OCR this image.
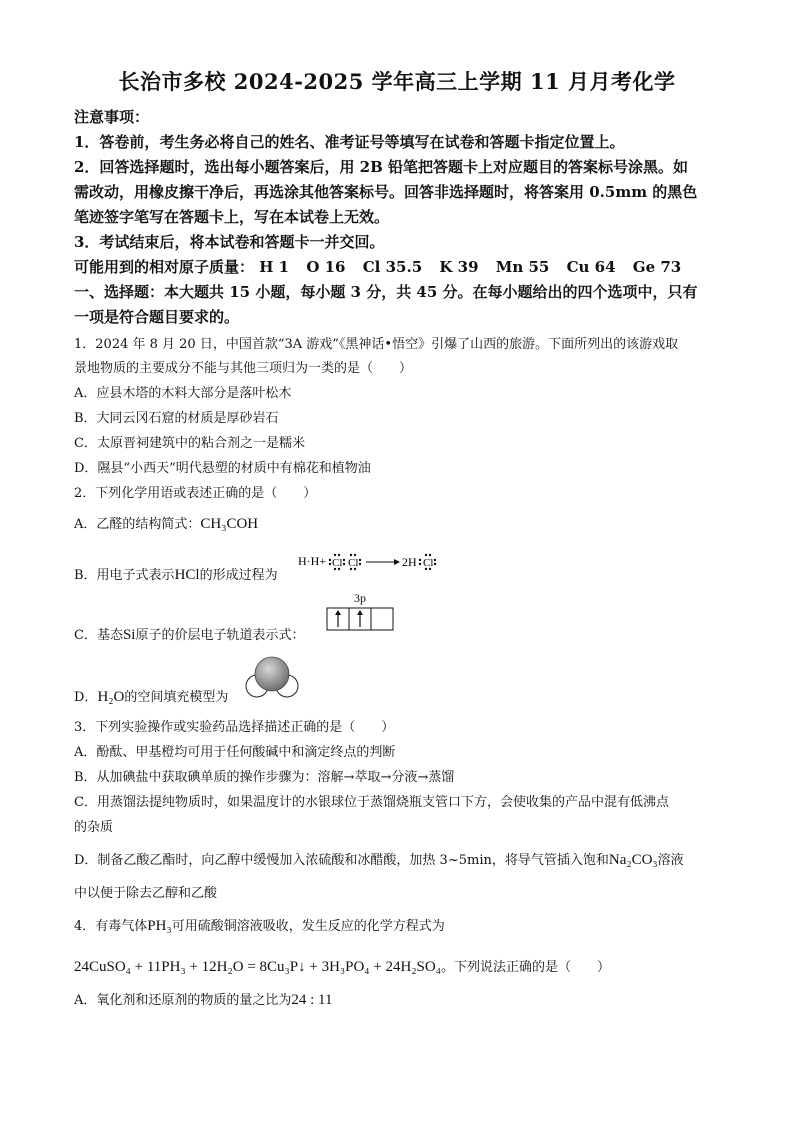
长治市多校 2024-2025 学年高三上学期 11 月月考化学
注意事项：
1．答卷前，考生务必将自己的姓名、准考证号等填写在试卷和答题卡指定位置上。
2．回答选择题时，选出每小题答案后，用 2B 铅笔把答题卡上对应题目的答案标号涂黑。如
需改动，用橡皮擦干净后，再选涂其他答案标号。回答非选择题时，将答案用 0.5mm 的黑色
笔迹签字笔写在答题卡上，写在本试卷上无效。
3．考试结束后，将本试卷和答题卡一并交回。
可能用到的相对原子质量： H 1 O 16 Cl 35.5 K 39 Mn 55 Cu 64 Ge 73
一、选择题：本大题共 15 小题，每小题 3 分，共 45 分。在每小题给出的四个选项中，只有
一项是符合题目要求的。
1．2024 年 8 月 20 日，中国首款“3A 游戏”《黑神话•悟空》引爆了山西的旅游。下面所列出的该游戏取
景地物质的主要成分不能与其他三项归为一类的是（　　）
A．应县木塔的木料大部分是落叶松木
B．大同云冈石窟的材质是厚砂岩石
C．太原晋祠建筑中的粘合剂之一是糯米
D．隰县“小西天”明代悬塑的材质中有棉花和植物油
2．下列化学用语或表述正确的是（　　）
A．乙醛的结构简式：CH₃COH
B．用电子式表示HCl的形成过程为
H·H+ Cl Cl	2H Cl
C．基态Si原子的价层电子轨道表示式：
3p
D．H₂O的空间填充模型为
3．下列实验操作或实验药品选择描述正确的是（　　）
A．酚酞、甲基橙均可用于任何酸碱中和滴定终点的判断
B．从加碘盐中获取碘单质的操作步骤为：溶解→萃取→分液→蒸馏
C．用蒸馏法提纯物质时，如果温度计的水银球位于蒸馏烧瓶支管口下方，会使收集的产品中混有低沸点
的杂质
D．制备乙酸乙酯时，向乙醇中缓慢加入浓硫酸和冰醋酸，加热 3~5min，将导气管插入饱和Na₂CO₃溶液
中以便于除去乙醇和乙酸
4．有毒气体PH₃可用硫酸铜溶液吸收，发生反应的化学方程式为
24CuSO₄ + 11PH₃ + 12H₂O = 8Cu₃P↓ + 3H₃PO₄ + 24H₂SO₄。下列说法正确的是（　　）
A．氧化剂和还原剂的物质的量之比为24 : 11
